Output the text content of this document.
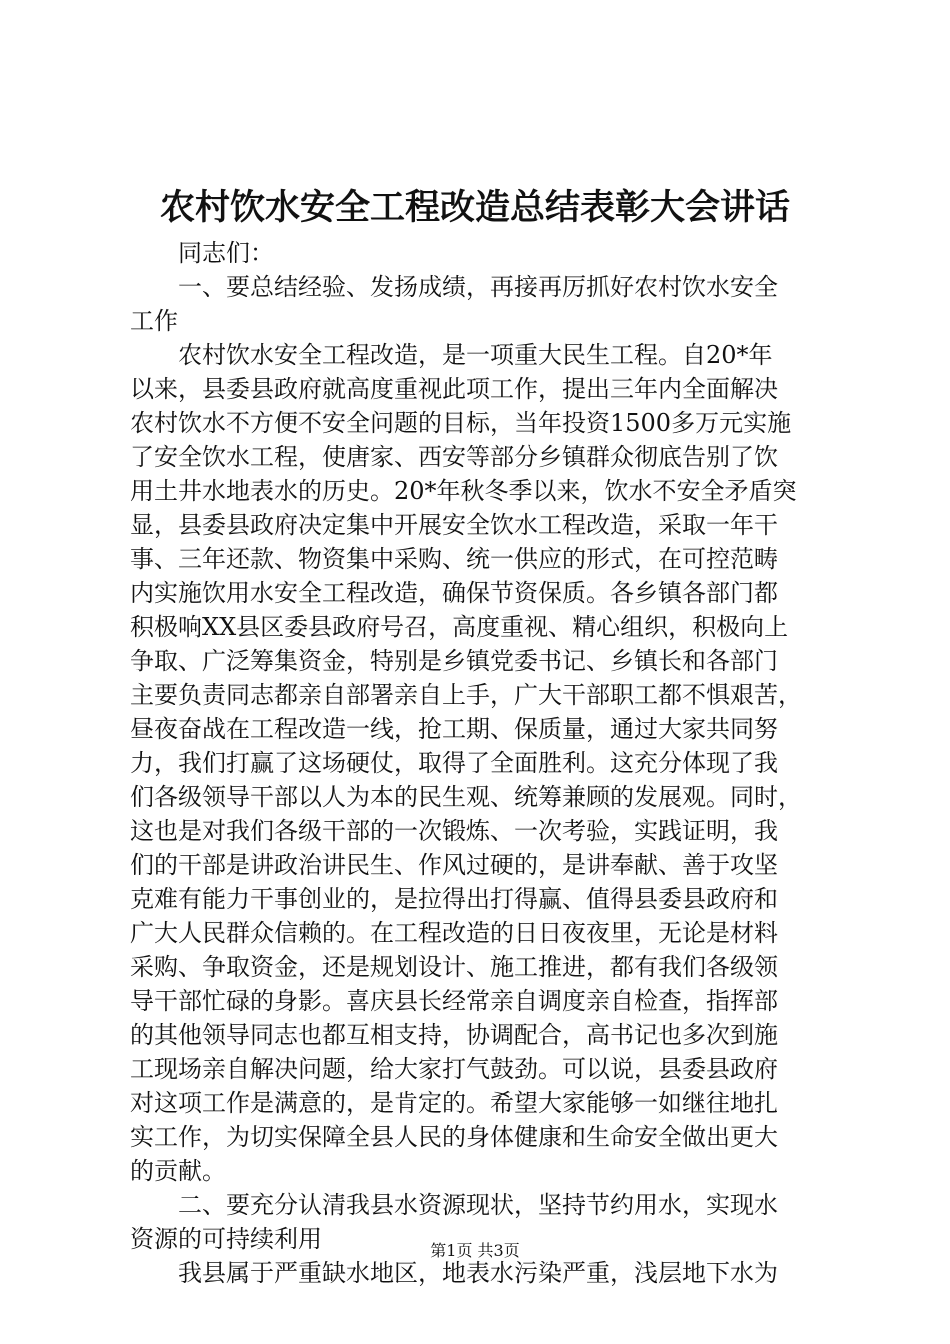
农村饮水安全工程改造总结表彰大会讲话
　　同志们：
　　一、要总结经验、发扬成绩，再接再厉抓好农村饮水安全
工作
　　农村饮水安全工程改造，是一项重大民生工程。自20*年
以来，县委县政府就高度重视此项工作，提出三年内全面解决
农村饮水不方便不安全问题的目标，当年投资1500多万元实施
了安全饮水工程，使唐家、西安等部分乡镇群众彻底告别了饮
用土井水地表水的历史。20*年秋冬季以来，饮水不安全矛盾突
显，县委县政府决定集中开展安全饮水工程改造，采取一年干
事、三年还款、物资集中采购、统一供应的形式，在可控范畴
内实施饮用水安全工程改造，确保节资保质。各乡镇各部门都
积极响XX县区委县政府号召，高度重视、精心组织，积极向上
争取、广泛筹集资金，特别是乡镇党委书记、乡镇长和各部门
主要负责同志都亲自部署亲自上手，广大干部职工都不惧艰苦，
昼夜奋战在工程改造一线，抢工期、保质量，通过大家共同努
力，我们打赢了这场硬仗，取得了全面胜利。这充分体现了我
们各级领导干部以人为本的民生观、统筹兼顾的发展观。同时，
这也是对我们各级干部的一次锻炼、一次考验，实践证明，我
们的干部是讲政治讲民生、作风过硬的，是讲奉献、善于攻坚
克难有能力干事创业的，是拉得出打得赢、值得县委县政府和
广大人民群众信赖的。在工程改造的日日夜夜里，无论是材料
采购、争取资金，还是规划设计、施工推进，都有我们各级领
导干部忙碌的身影。喜庆县长经常亲自调度亲自检查，指挥部
的其他领导同志也都互相支持，协调配合，高书记也多次到施
工现场亲自解决问题，给大家打气鼓劲。可以说，县委县政府
对这项工作是满意的，是肯定的。希望大家能够一如继往地扎
实工作，为切实保障全县人民的身体健康和生命安全做出更大
的贡献。
　　二、要充分认清我县水资源现状，坚持节约用水，实现水
资源的可持续利用
　　我县属于严重缺水地区，地表水污染严重，浅层地下水为
第1页 共3页
